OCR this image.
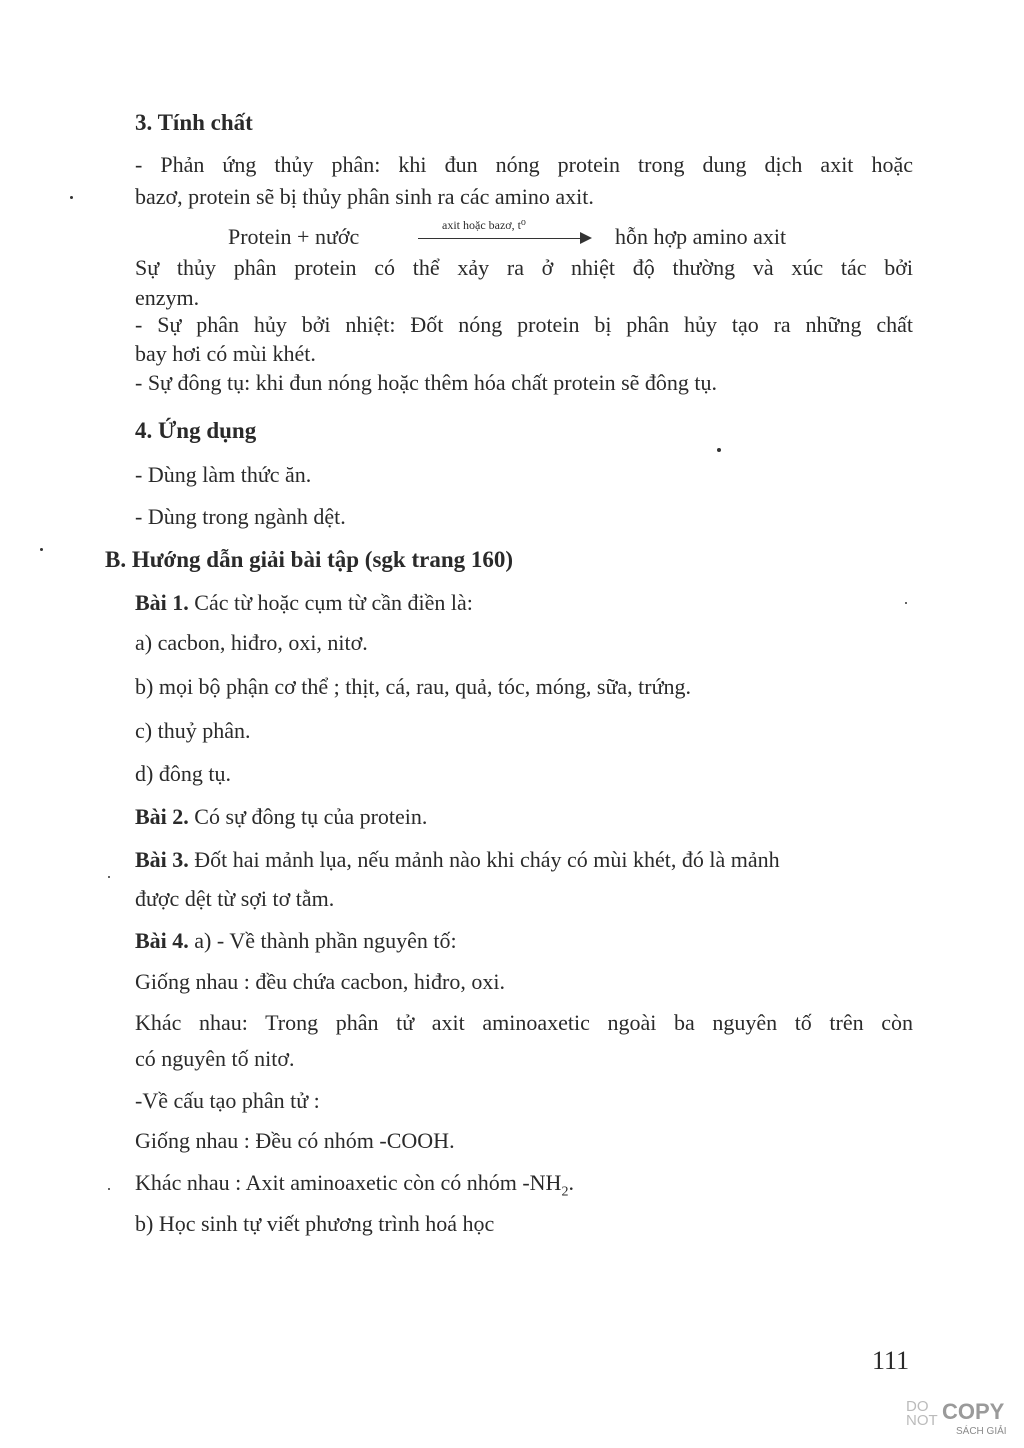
3. Tính chất
- Phản ứng thủy phân: khi đun nóng protein trong dung dịch axit hoặc
bazơ, protein sẽ bị thủy phân sinh ra các amino axit.
Protein + nước	axit hoặc bazơ, t⁰	hỗn hợp amino axit
Sự thủy phân protein có thể xảy ra ở nhiệt độ thường và xúc tác bởi
enzym.
- Sự phân hủy bởi nhiệt: Đốt nóng protein bị phân hủy tạo ra những chất
bay hơi có mùi khét.
- Sự đông tụ: khi đun nóng hoặc thêm hóa chất protein sẽ đông tụ.
4. Ứng dụng
- Dùng làm thức ăn.
- Dùng trong ngành dệt.
B. Hướng dẫn giải bài tập (sgk trang 160)
Bài 1. Các từ hoặc cụm từ cần điền là:
a) cacbon, hiđro, oxi, nitơ.
b) mọi bộ phận cơ thể ; thịt, cá, rau, quả, tóc, móng, sữa, trứng.
c) thuỷ phân.
d) đông tụ.
Bài 2. Có sự đông tụ của protein.
Bài 3. Đốt hai mảnh lụa, nếu mảnh nào khi cháy có mùi khét, đó là mảnh
được dệt từ sợi tơ tằm.
Bài 4. a) - Về thành phần nguyên tố:
Giống nhau : đều chứa cacbon, hiđro, oxi.
Khác nhau: Trong phân tử axit aminoaxetic ngoài ba nguyên tố trên còn
có nguyên tố nitơ.
-Về cấu tạo phân tử :
Giống nhau : Đều có nhóm -COOH.
Khác nhau : Axit aminoaxetic còn có nhóm $-NH_2$.
b) Học sinh tự viết phương trình hoá học
111
DO
NOT COPY
SÁCH GIẢI
